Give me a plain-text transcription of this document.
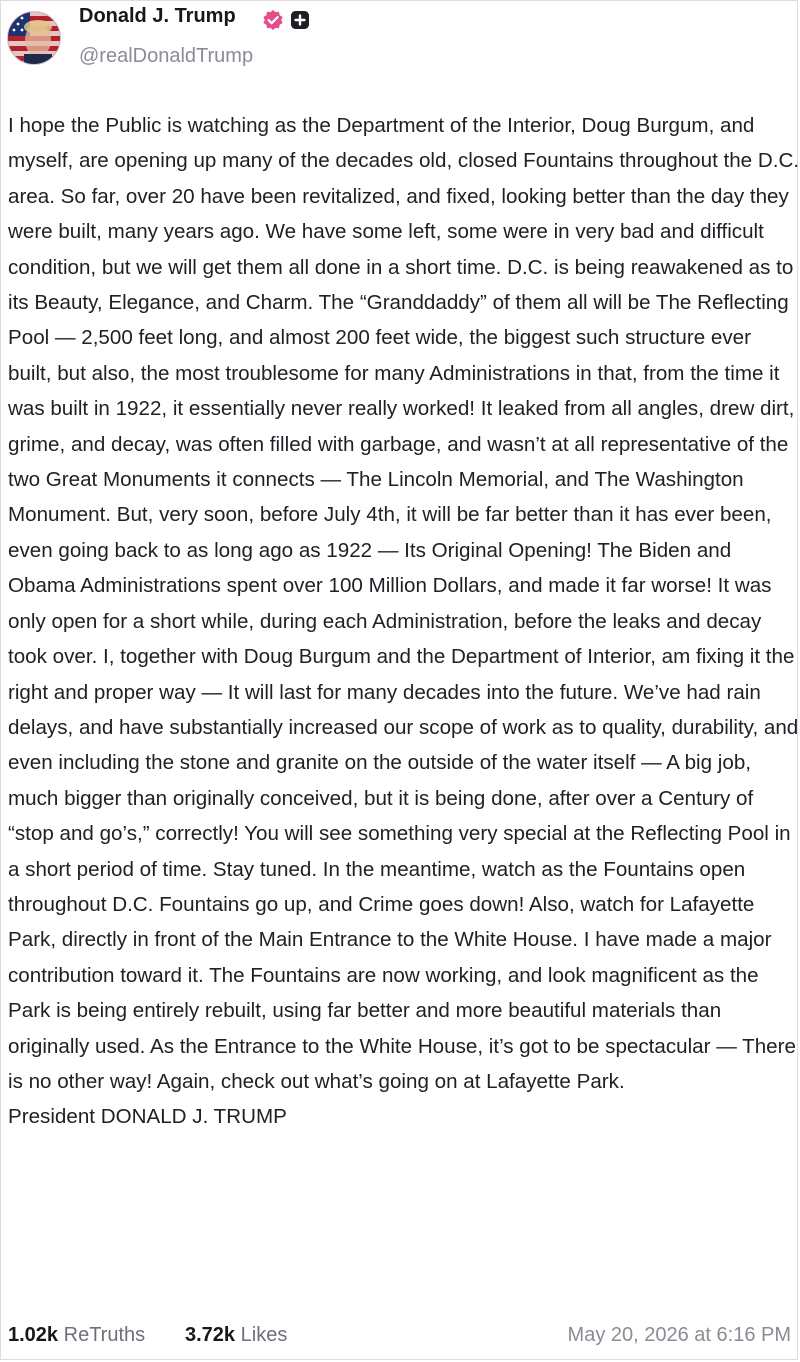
Donald J. Trump
@realDonaldTrump
I hope the Public is watching as the Department of the Interior, Doug Burgum, and myself, are opening up many of the decades old, closed Fountains throughout the D.C. area. So far, over 20 have been revitalized, and fixed, looking better than the day they were built, many years ago. We have some left, some were in very bad and difficult condition, but we will get them all done in a short time. D.C. is being reawakened as to its Beauty, Elegance, and Charm. The “Granddaddy” of them all will be The Reflecting Pool — 2,500 feet long, and almost 200 feet wide, the biggest such structure ever built, but also, the most troublesome for many Administrations in that, from the time it was built in 1922, it essentially never really worked! It leaked from all angles, drew dirt, grime, and decay, was often filled with garbage, and wasn’t at all representative of the two Great Monuments it connects — The Lincoln Memorial, and The Washington Monument. But, very soon, before July 4th, it will be far better than it has ever been, even going back to as long ago as 1922 — Its Original Opening! The Biden and Obama Administrations spent over 100 Million Dollars, and made it far worse! It was only open for a short while, during each Administration, before the leaks and decay took over. I, together with Doug Burgum and the Department of Interior, am fixing it the right and proper way — It will last for many decades into the future. We’ve had rain delays, and have substantially increased our scope of work as to quality, durability, and even including the stone and granite on the outside of the water itself — A big job, much bigger than originally conceived, but it is being done, after over a Century of “stop and go’s,” correctly! You will see something very special at the Reflecting Pool in a short period of time. Stay tuned. In the meantime, watch as the Fountains open throughout D.C. Fountains go up, and Crime goes down! Also, watch for Lafayette Park, directly in front of the Main Entrance to the White House. I have made a major contribution toward it. The Fountains are now working, and look magnificent as the Park is being entirely rebuilt, using far better and more beautiful materials than originally used. As the Entrance to the White House, it’s got to be spectacular — There is no other way! Again, check out what’s going on at Lafayette Park.
President DONALD J. TRUMP
1.02k ReTruths 3.72k Likes	May 20, 2026 at 6:16 PM
